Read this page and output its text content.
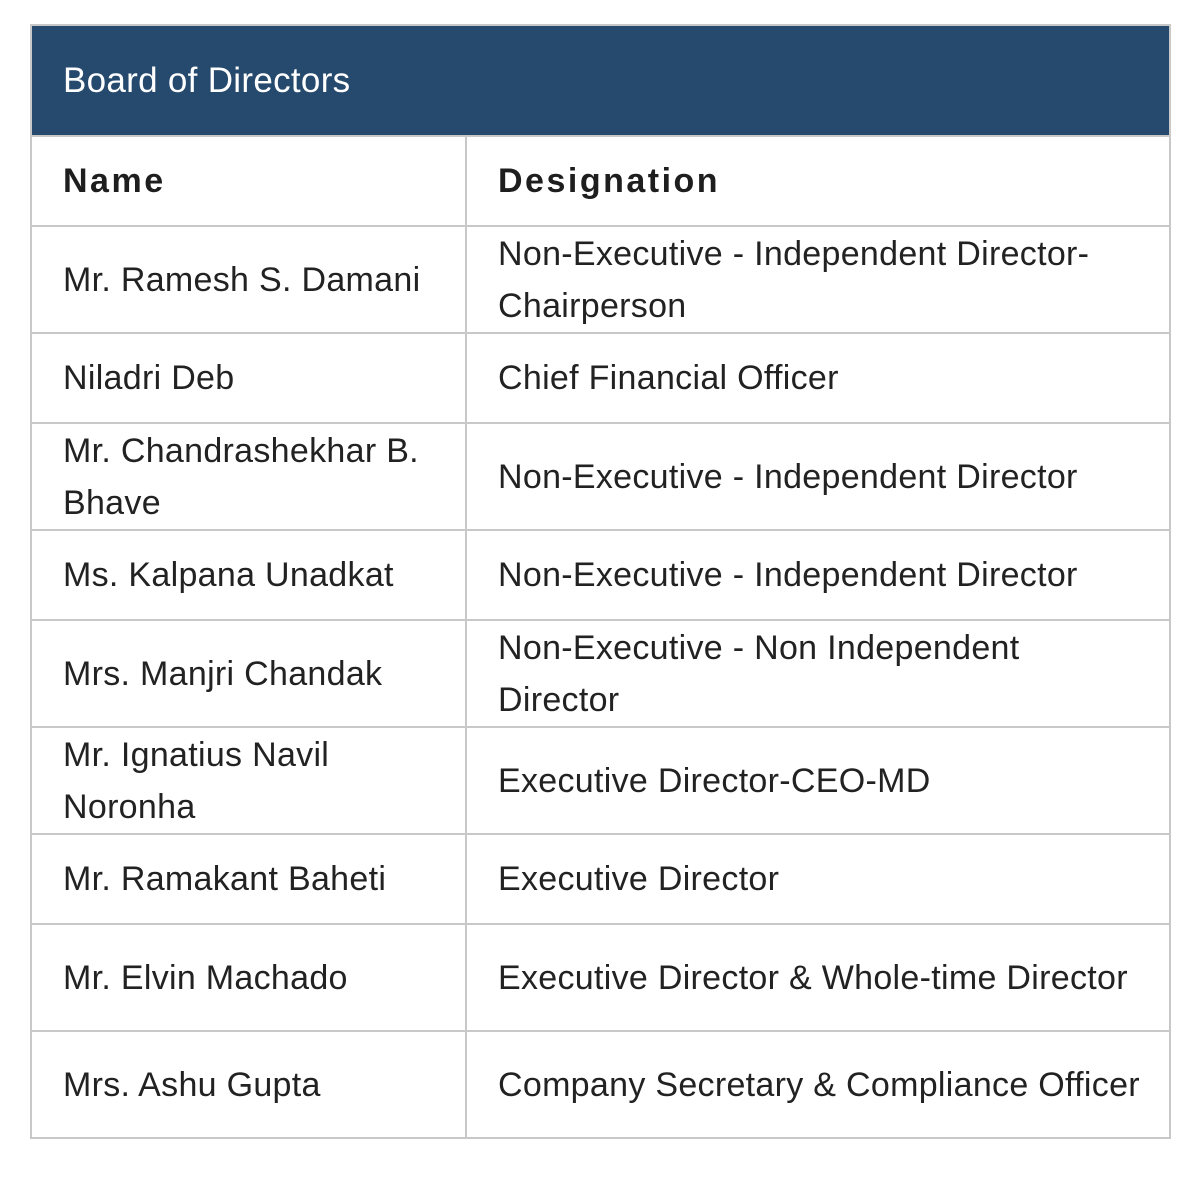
Board of Directors
Name	Designation
Mr. Ramesh S. Damani	Non-Executive - Independent Director-Chairperson
Niladri Deb	Chief Financial Officer
Mr. Chandrashekhar B. Bhave	Non-Executive - Independent Director
Ms. Kalpana Unadkat	Non-Executive - Independent Director
Mrs. Manjri Chandak	Non-Executive - Non Independent Director
Mr. Ignatius Navil Noronha	Executive Director-CEO-MD
Mr. Ramakant Baheti	Executive Director
Mr. Elvin Machado	Executive Director & Whole-time Director
Mrs. Ashu Gupta	Company Secretary & Compliance Officer
